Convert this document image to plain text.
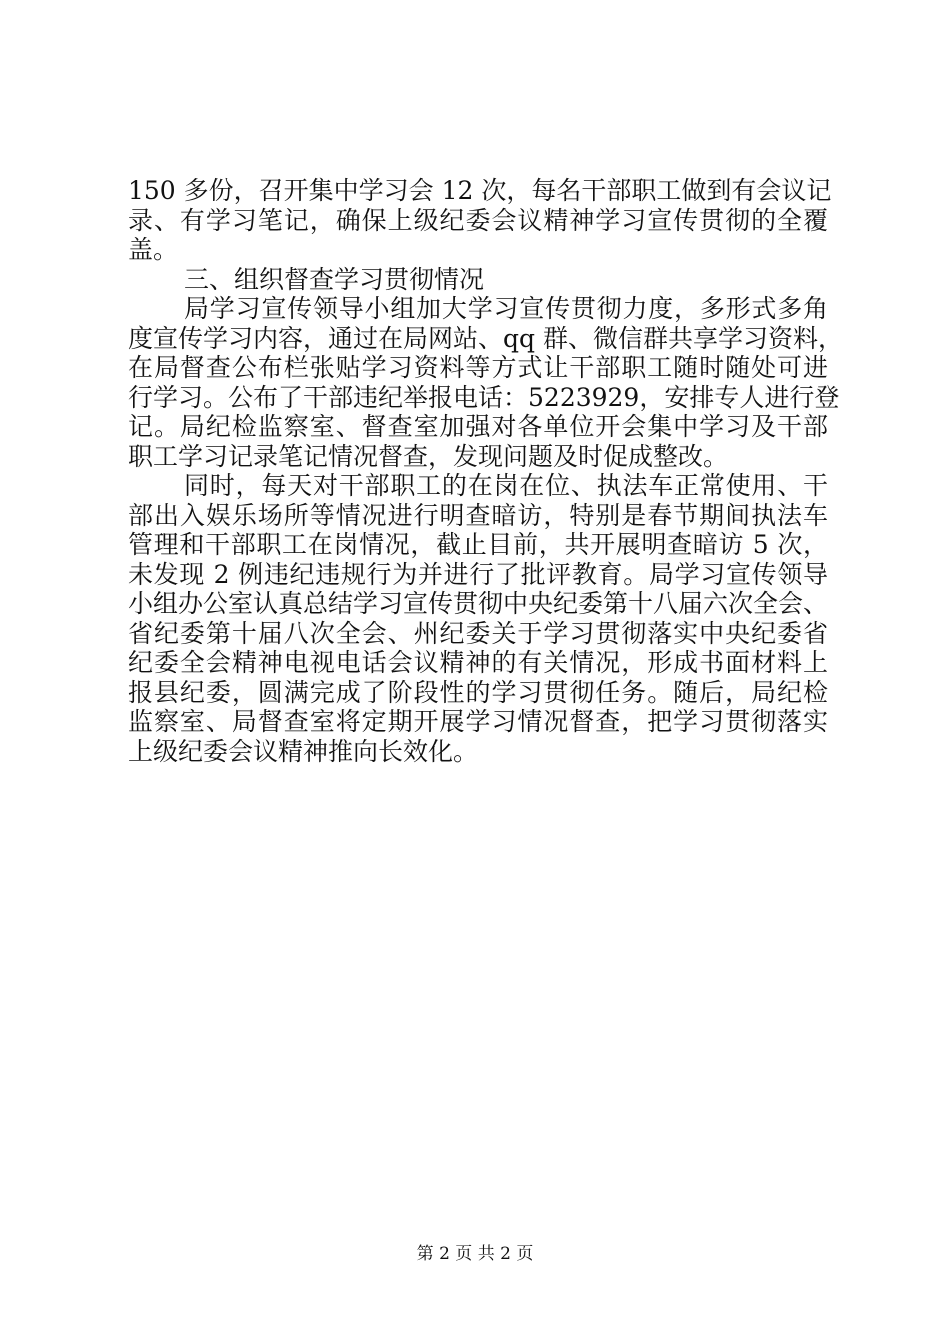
150 多份，召开集中学习会 12 次，每名干部职工做到有会议记
录、有学习笔记，确保上级纪委会议精神学习宣传贯彻的全覆
盖。
三、组织督查学习贯彻情况
局学习宣传领导小组加大学习宣传贯彻力度，多形式多角
度宣传学习内容，通过在局网站、qq 群、微信群共享学习资料，
在局督查公布栏张贴学习资料等方式让干部职工随时随处可进
行学习。公布了干部违纪举报电话：5223929，安排专人进行登
记。局纪检监察室、督查室加强对各单位开会集中学习及干部
职工学习记录笔记情况督查，发现问题及时促成整改。
同时，每天对干部职工的在岗在位、执法车正常使用、干
部出入娱乐场所等情况进行明查暗访，特别是春节期间执法车
管理和干部职工在岗情况，截止目前，共开展明查暗访 5 次，
未发现 2 例违纪违规行为并进行了批评教育。局学习宣传领导
小组办公室认真总结学习宣传贯彻中央纪委第十八届六次全会、
省纪委第十届八次全会、州纪委关于学习贯彻落实中央纪委省
纪委全会精神电视电话会议精神的有关情况，形成书面材料上
报县纪委，圆满完成了阶段性的学习贯彻任务。随后，局纪检
监察室、局督查室将定期开展学习情况督查，把学习贯彻落实
上级纪委会议精神推向长效化。
第 2 页 共 2 页
